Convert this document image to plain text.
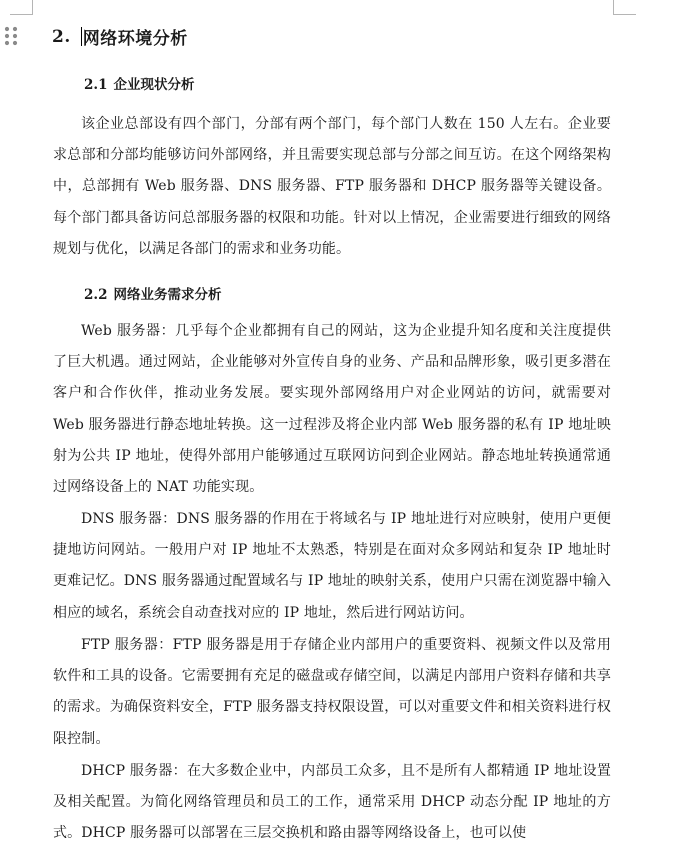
2. 网络环境分析
2.1 企业现状分析

该企业总部设有四个部门，分部有两个部门，每个部门人数在 150 人左右。企业要求总部和分部均能够访问外部网络，并且需要实现总部与分部之间互访。在这个网络架构中，总部拥有 Web 服务器、DNS 服务器、FTP 服务器和 DHCP 服务器等关键设备。每个部门都具备访问总部服务器的权限和功能。针对以上情况，企业需要进行细致的网络规划与优化，以满足各部门的需求和业务功能。

2.2 网络业务需求分析

Web 服务器：几乎每个企业都拥有自己的网站，这为企业提升知名度和关注度提供了巨大机遇。通过网站，企业能够对外宣传自身的业务、产品和品牌形象，吸引更多潜在客户和合作伙伴，推动业务发展。要实现外部网络用户对企业网站的访问，就需要对 Web 服务器进行静态地址转换。这一过程涉及将企业内部 Web 服务器的私有 IP 地址映射为公共 IP 地址，使得外部用户能够通过互联网访问到企业网站。静态地址转换通常通过网络设备上的 NAT 功能实现。

DNS 服务器：DNS 服务器的作用在于将域名与 IP 地址进行对应映射，使用户更便捷地访问网站。一般用户对 IP 地址不太熟悉，特别是在面对众多网站和复杂 IP 地址时更难记忆。DNS 服务器通过配置域名与 IP 地址的映射关系，使用户只需在浏览器中输入相应的域名，系统会自动查找对应的 IP 地址，然后进行网站访问。

FTP 服务器：FTP 服务器是用于存储企业内部用户的重要资料、视频文件以及常用软件和工具的设备。它需要拥有充足的磁盘或存储空间，以满足内部用户资料存储和共享的需求。为确保资料安全，FTP 服务器支持权限设置，可以对重要文件和相关资料进行权限控制。

DHCP 服务器：在大多数企业中，内部员工众多，且不是所有人都精通 IP 地址设置及相关配置。为简化网络管理员和员工的工作，通常采用 DHCP 动态分配 IP 地址的方式。DHCP 服务器可以部署在三层交换机和路由器等网络设备上，也可以使
